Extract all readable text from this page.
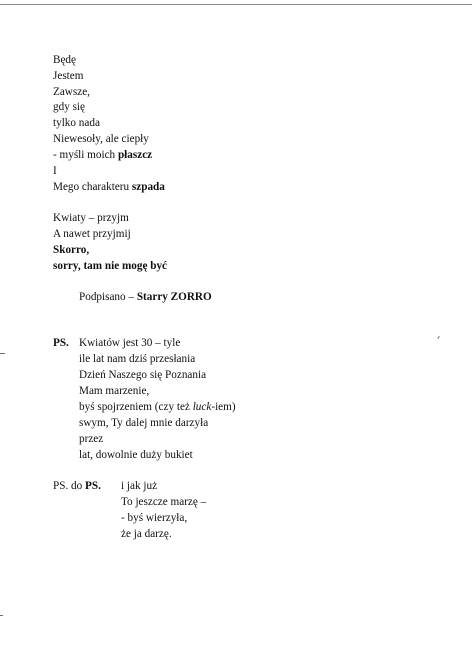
Będę
Jestem
Zawsze,
gdy się
tylko nada
Niewesoły, ale ciepły
- myśli moich płaszcz
I
Mego charakteru szpada
Kwiaty – przyjm
A nawet przyjmij
Skorro,
sorry, tam nie mogę być
Podpisano – Starry ZORRO
PS. Kwiatów jest 30 – tyle
ile lat nam dziś przesłania
Dzień Naszego się Poznania
Mam marzenie,
byś spojrzeniem (czy też luck-iem)
swym, Ty dalej mnie darzyła
przez
lat, dowolnie duży bukiet
PS. do PS. i jak już
To jeszcze marzę –
- byś wierzyła,
że ja darzę.
